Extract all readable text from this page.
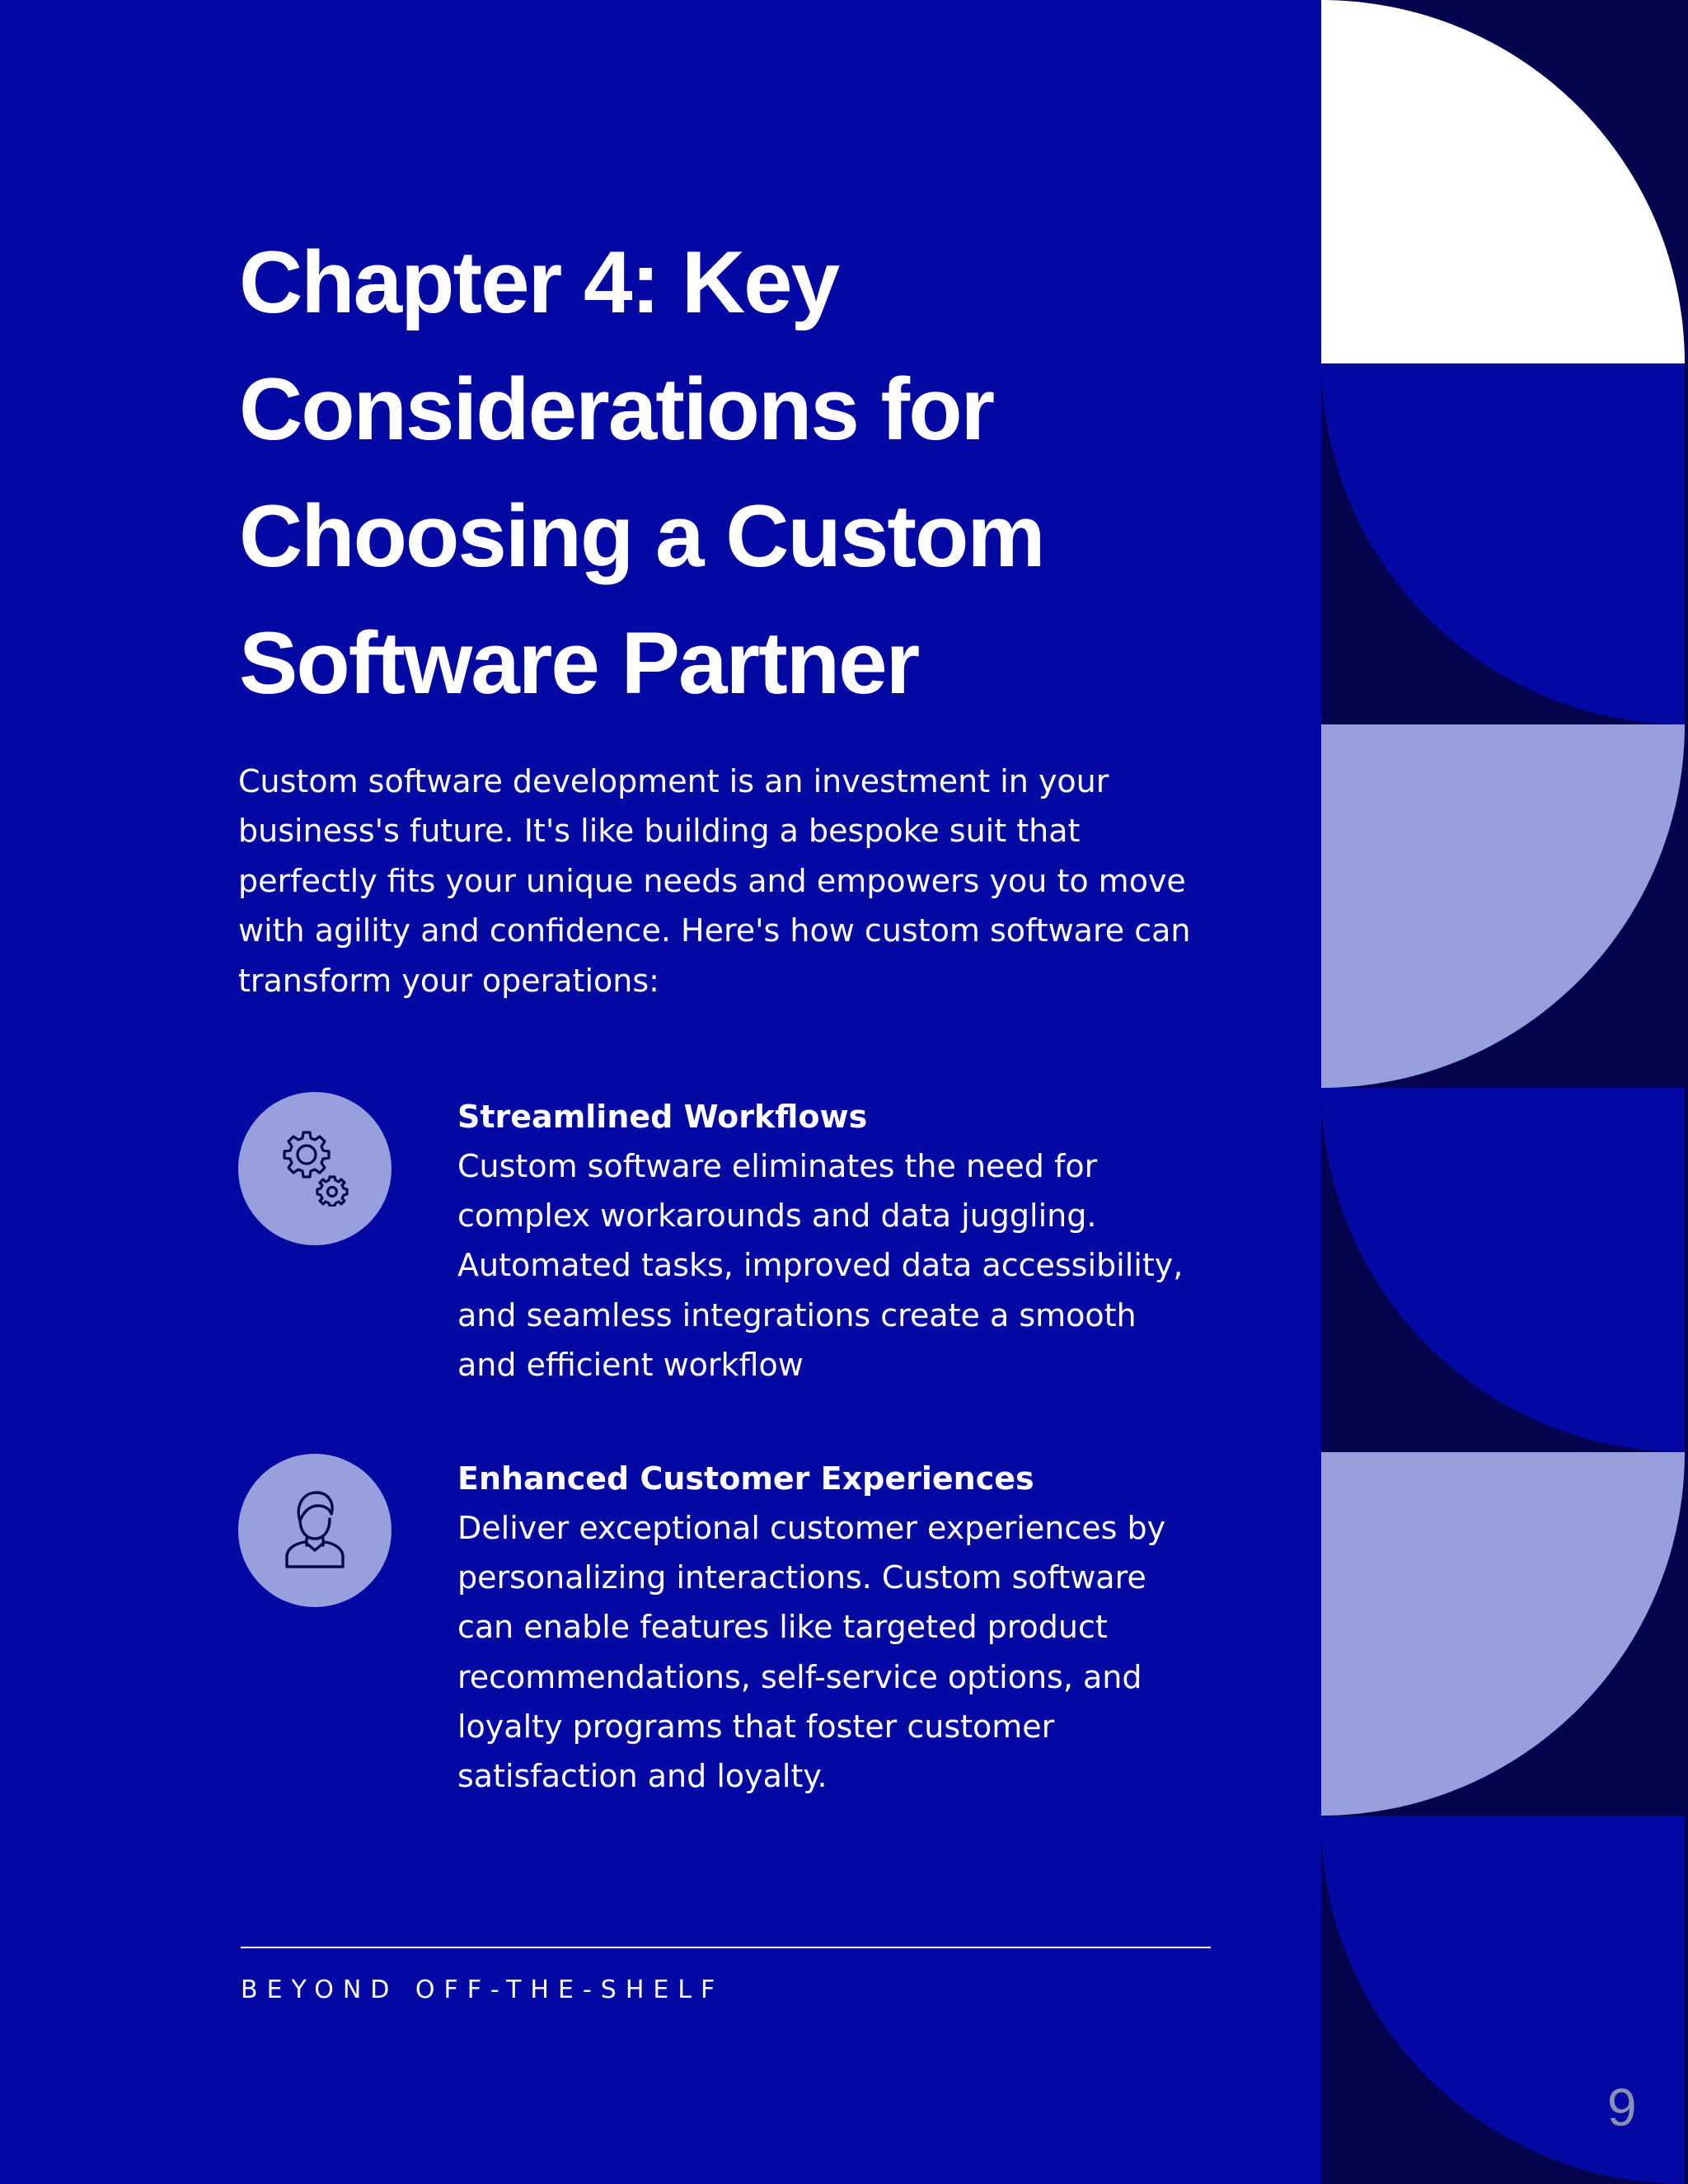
Chapter 4: Key
Considerations for
Choosing a Custom
Software Partner

Custom software development is an investment in your business's future. It's like building a bespoke suit that perfectly fits your unique needs and empowers you to move with agility and confidence. Here's how custom software can transform your operations:

Streamlined Workflows

Custom software eliminates the need for complex workarounds and data juggling. Automated tasks, improved data accessibility, and seamless integrations create a smooth and efficient workflow

Enhanced Customer Experiences

Deliver exceptional customer experiences by personalizing interactions. Custom software can enable features like targeted product recommendations, self-service options, and loyalty programs that foster customer satisfaction and loyalty.

BEYOND OFF-THE-SHELF

9
